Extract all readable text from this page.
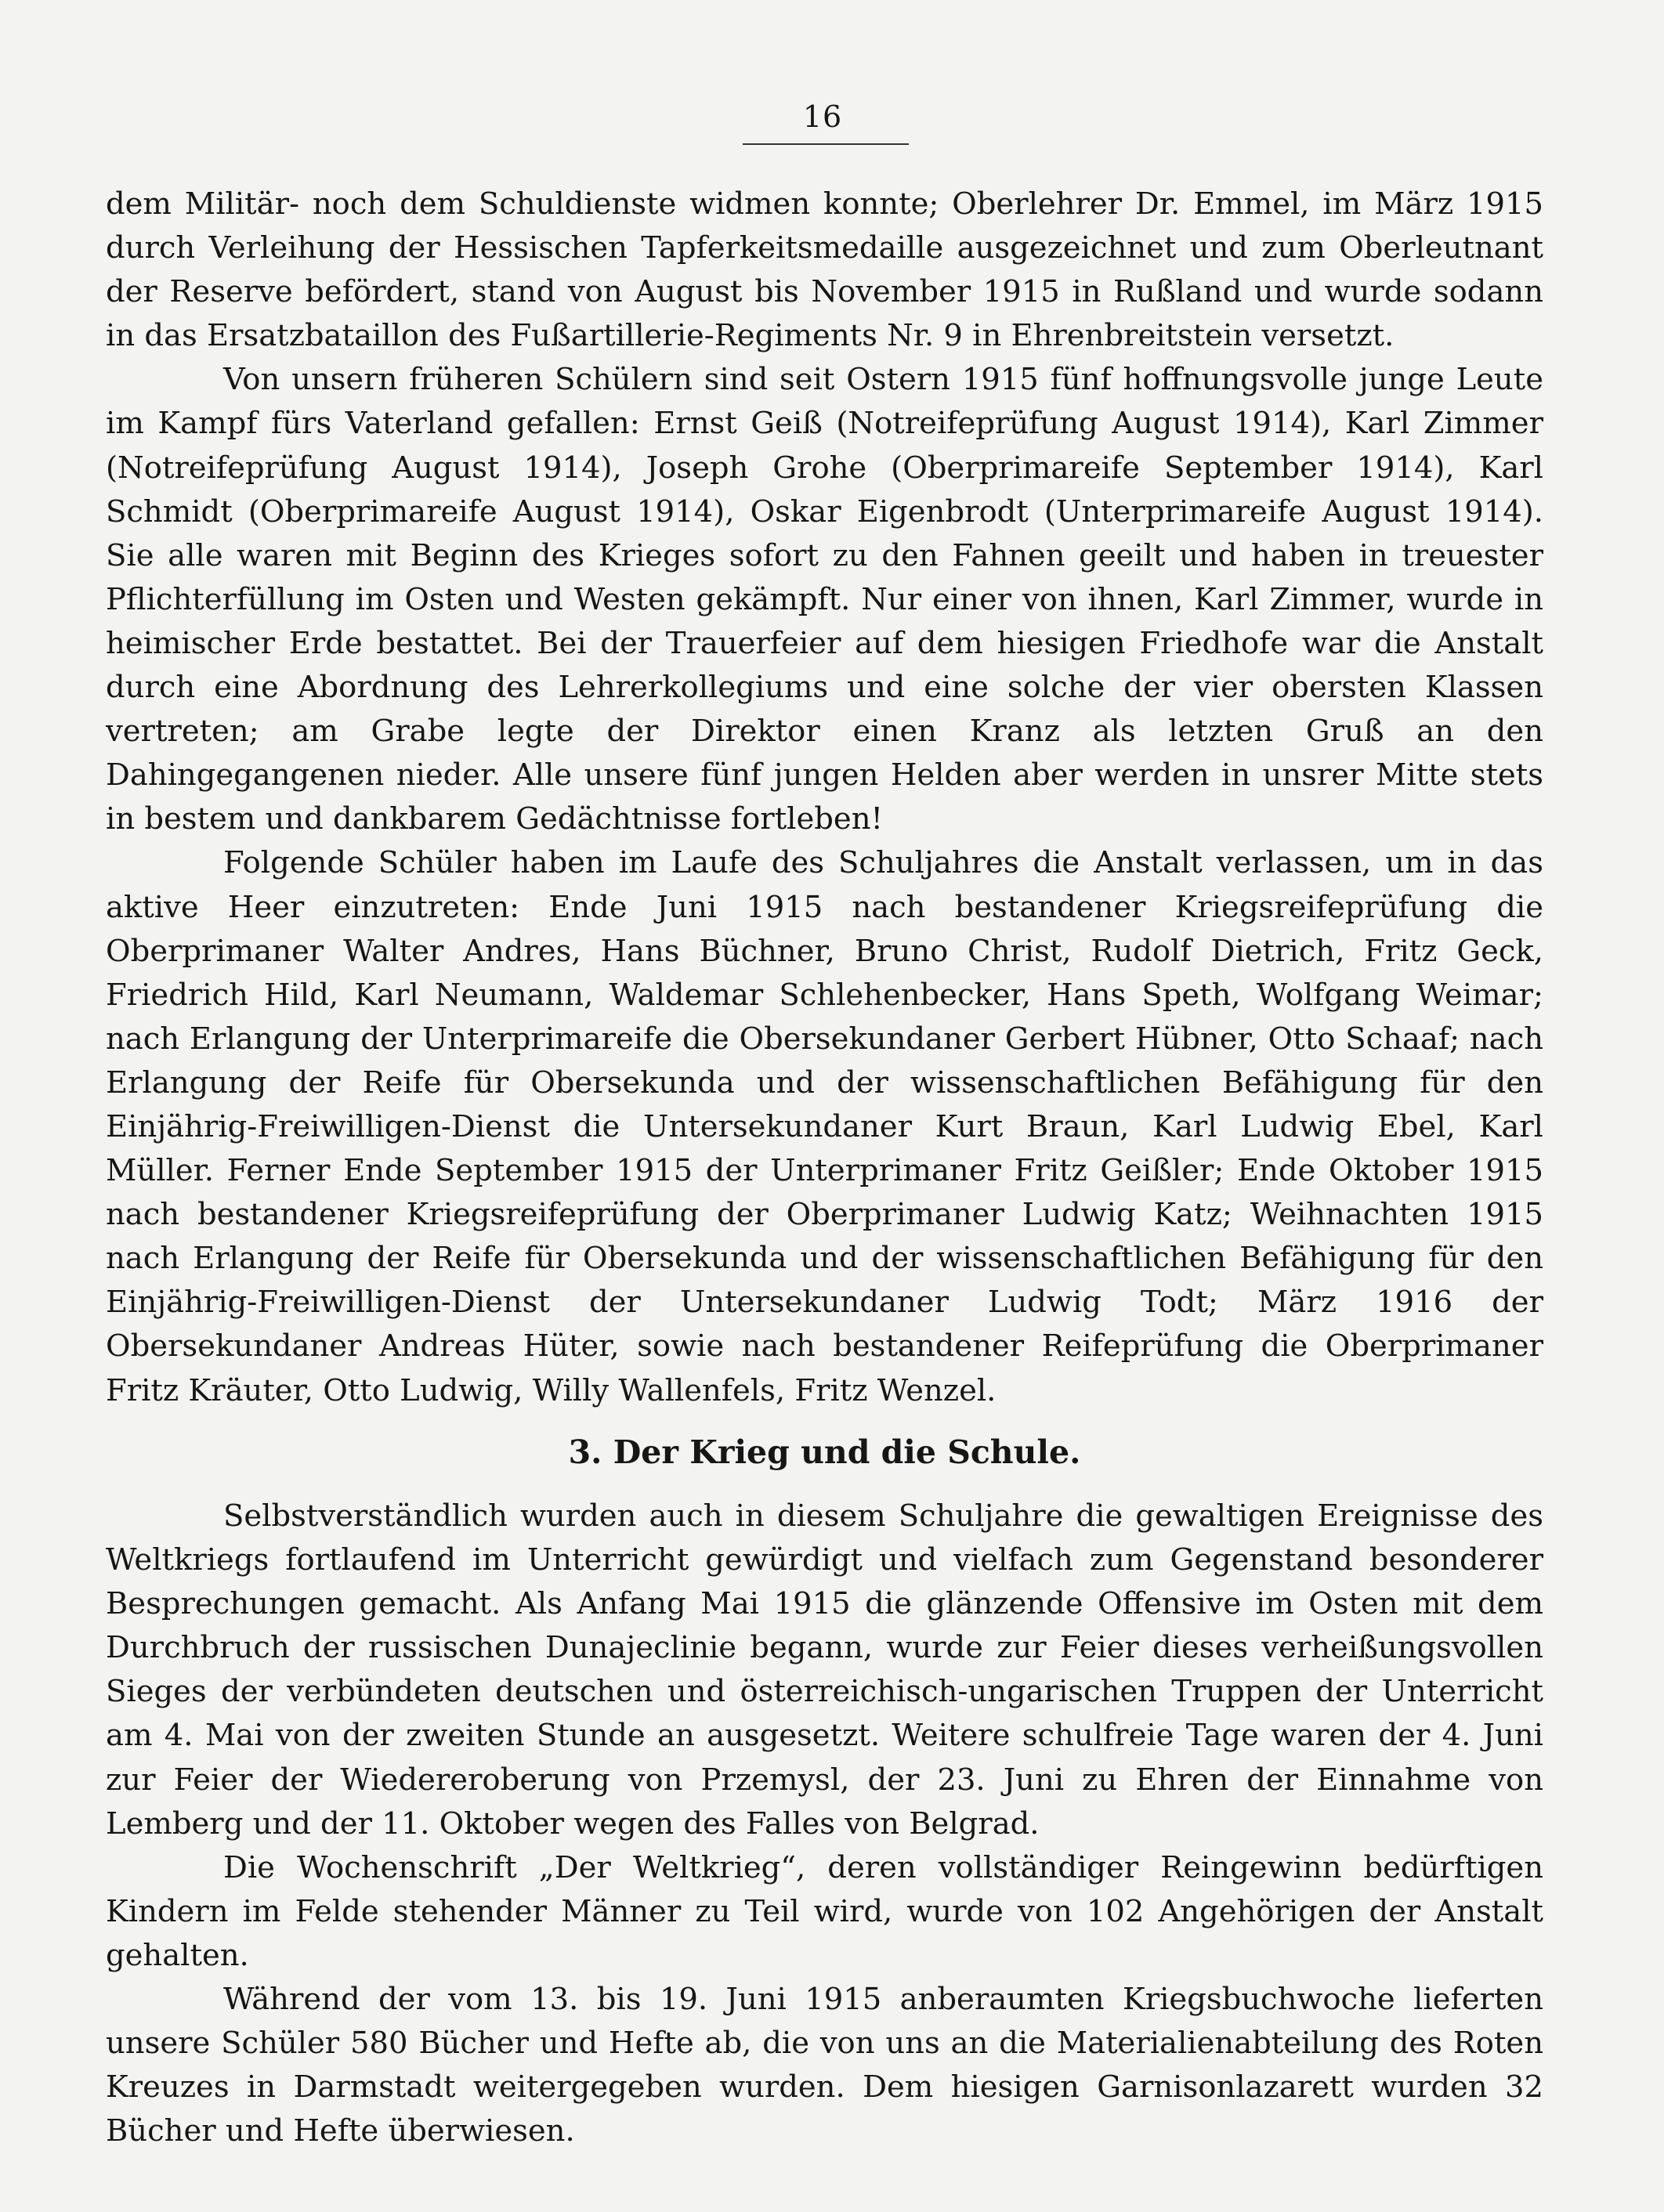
16

dem Militär- noch dem Schuldienste widmen konnte; Oberlehrer Dr. Emmel, im März 1915 durch Verleihung der Hessischen Tapferkeitsmedaille ausgezeichnet und zum Oberleutnant der Reserve befördert, stand von August bis November 1915 in Rußland und wurde sodann in das Ersatzbataillon des Fußartillerie-Regiments Nr. 9 in Ehrenbreitstein versetzt.

Von unsern früheren Schülern sind seit Ostern 1915 fünf hoffnungsvolle junge Leute im Kampf fürs Vaterland gefallen: Ernst Geiß (Notreifeprüfung August 1914), Karl Zimmer (Notreifeprüfung August 1914), Joseph Grohe (Oberprimareife September 1914), Karl Schmidt (Oberprimareife August 1914), Oskar Eigenbrodt (Unterprimareife August 1914). Sie alle waren mit Beginn des Krieges sofort zu den Fahnen geeilt und haben in treuester Pflichterfüllung im Osten und Westen gekämpft. Nur einer von ihnen, Karl Zimmer, wurde in heimischer Erde bestattet. Bei der Trauerfeier auf dem hiesigen Friedhofe war die Anstalt durch eine Abordnung des Lehrerkollegiums und eine solche der vier obersten Klassen vertreten; am Grabe legte der Direktor einen Kranz als letzten Gruß an den Dahingegangenen nieder. Alle unsere fünf jungen Helden aber werden in unsrer Mitte stets in bestem und dankbarem Gedächtnisse fortleben!

Folgende Schüler haben im Laufe des Schuljahres die Anstalt verlassen, um in das aktive Heer einzutreten: Ende Juni 1915 nach bestandener Kriegsreifeprüfung die Oberprimaner Walter Andres, Hans Büchner, Bruno Christ, Rudolf Dietrich, Fritz Geck, Friedrich Hild, Karl Neumann, Waldemar Schlehenbecker, Hans Speth, Wolfgang Weimar; nach Erlangung der Unterprimareife die Obersekundaner Gerbert Hübner, Otto Schaaf; nach Erlangung der Reife für Obersekunda und der wissenschaftlichen Befähigung für den Einjährig-Freiwilligen-Dienst die Untersekundaner Kurt Braun, Karl Ludwig Ebel, Karl Müller. Ferner Ende September 1915 der Unterprimaner Fritz Geißler; Ende Oktober 1915 nach bestandener Kriegsreifeprüfung der Oberprimaner Ludwig Katz; Weihnachten 1915 nach Erlangung der Reife für Obersekunda und der wissenschaftlichen Befähigung für den Einjährig-Freiwilligen-Dienst der Untersekundaner Ludwig Todt; März 1916 der Obersekundaner Andreas Hüter, sowie nach bestandener Reifeprüfung die Oberprimaner Fritz Kräuter, Otto Ludwig, Willy Wallenfels, Fritz Wenzel.

3. Der Krieg und die Schule.

Selbstverständlich wurden auch in diesem Schuljahre die gewaltigen Ereignisse des Weltkriegs fortlaufend im Unterricht gewürdigt und vielfach zum Gegenstand besonderer Besprechungen gemacht. Als Anfang Mai 1915 die glänzende Offensive im Osten mit dem Durchbruch der russischen Dunajeclinie begann, wurde zur Feier dieses verheißungsvollen Sieges der verbündeten deutschen und österreichisch-ungarischen Truppen der Unterricht am 4. Mai von der zweiten Stunde an ausgesetzt. Weitere schulfreie Tage waren der 4. Juni zur Feier der Wiedereroberung von Przemysl, der 23. Juni zu Ehren der Einnahme von Lemberg und der 11. Oktober wegen des Falles von Belgrad.

Die Wochenschrift „Der Weltkrieg“, deren vollständiger Reingewinn bedürftigen Kindern im Felde stehender Männer zu Teil wird, wurde von 102 Angehörigen der Anstalt gehalten.

Während der vom 13. bis 19. Juni 1915 anberaumten Kriegsbuchwoche lieferten unsere Schüler 580 Bücher und Hefte ab, die von uns an die Materialienabteilung des Roten Kreuzes in Darmstadt weitergegeben wurden. Dem hiesigen Garnisonlazarett wurden 32 Bücher und Hefte überwiesen.
